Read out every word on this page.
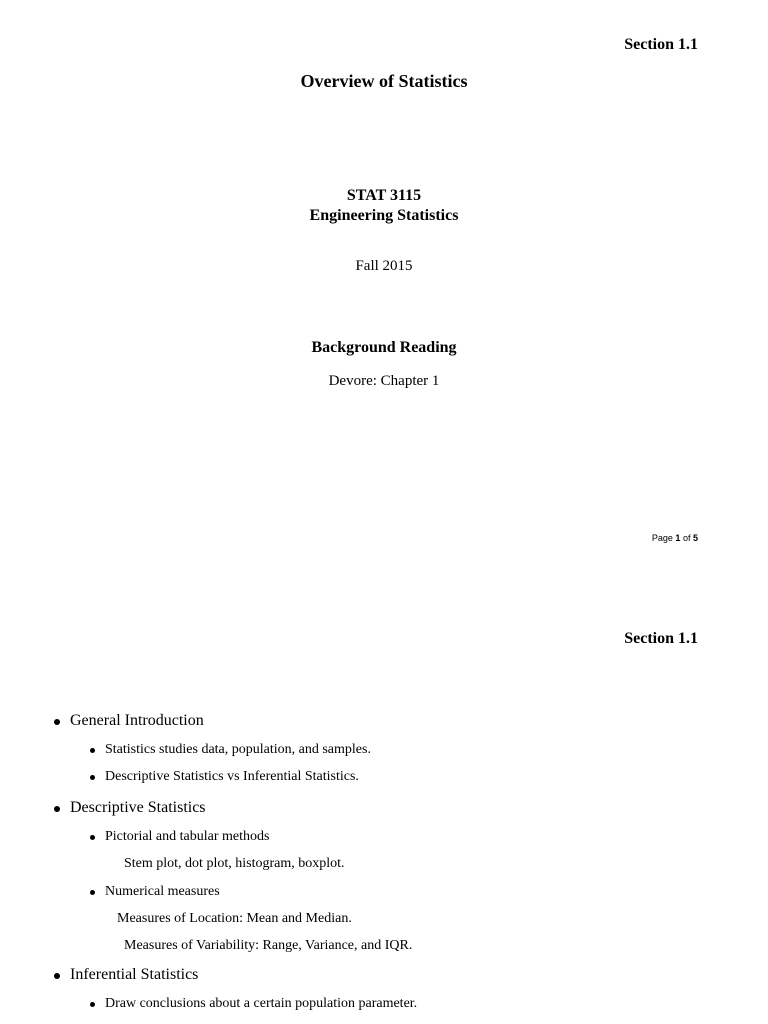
Section 1.1
Overview of Statistics
STAT 3115
Engineering Statistics
Fall 2015
Background Reading
Devore: Chapter 1
Page 1 of 5
Section 1.1
General Introduction
Statistics studies data, population, and samples.
Descriptive Statistics vs Inferential Statistics.
Descriptive Statistics
Pictorial and tabular methods
Stem plot, dot plot, histogram, boxplot.
Numerical measures
Measures of Location: Mean and Median.
Measures of Variability: Range, Variance, and IQR.
Inferential Statistics
Draw conclusions about a certain population parameter.
